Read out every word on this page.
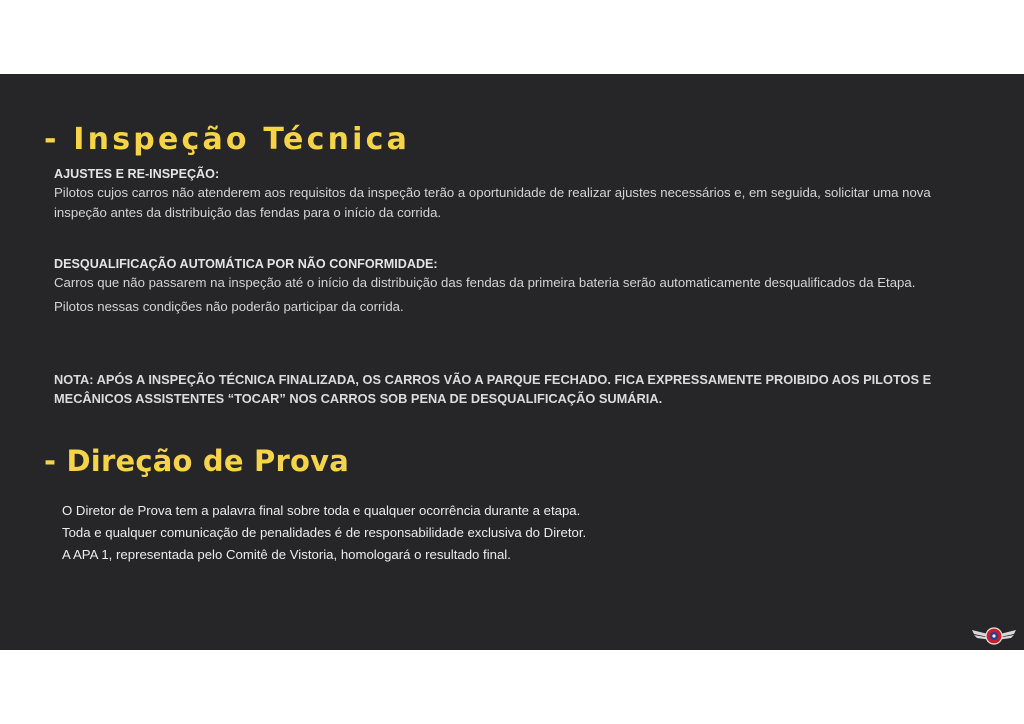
- Inspeção Técnica

AJUSTES E RE-INSPEÇÃO:

Pilotos cujos carros não atenderem aos requisitos da inspeção terão a oportunidade de realizar ajustes necessários e, em seguida, solicitar uma nova inspeção antes da distribuição das fendas para o início da corrida.

DESQUALIFICAÇÃO AUTOMÁTICA POR NÃO CONFORMIDADE:

Carros que não passarem na inspeção até o início da distribuição das fendas da primeira bateria serão automaticamente desqualificados da Etapa.

Pilotos nessas condições não poderão participar da corrida.

NOTA: APÓS A INSPEÇÃO TÉCNICA FINALIZADA, OS CARROS VÃO A PARQUE FECHADO. FICA EXPRESSAMENTE PROIBIDO AOS PILOTOS E MECÂNICOS ASSISTENTES “TOCAR” NOS CARROS SOB PENA DE DESQUALIFICAÇÃO SUMÁRIA.

- Direção de Prova

O Diretor de Prova tem a palavra final sobre toda e qualquer ocorrência durante a etapa.

Toda e qualquer comunicação de penalidades é de responsabilidade exclusiva do Diretor.

A APA 1, representada pelo Comitê de Vistoria, homologará o resultado final.
